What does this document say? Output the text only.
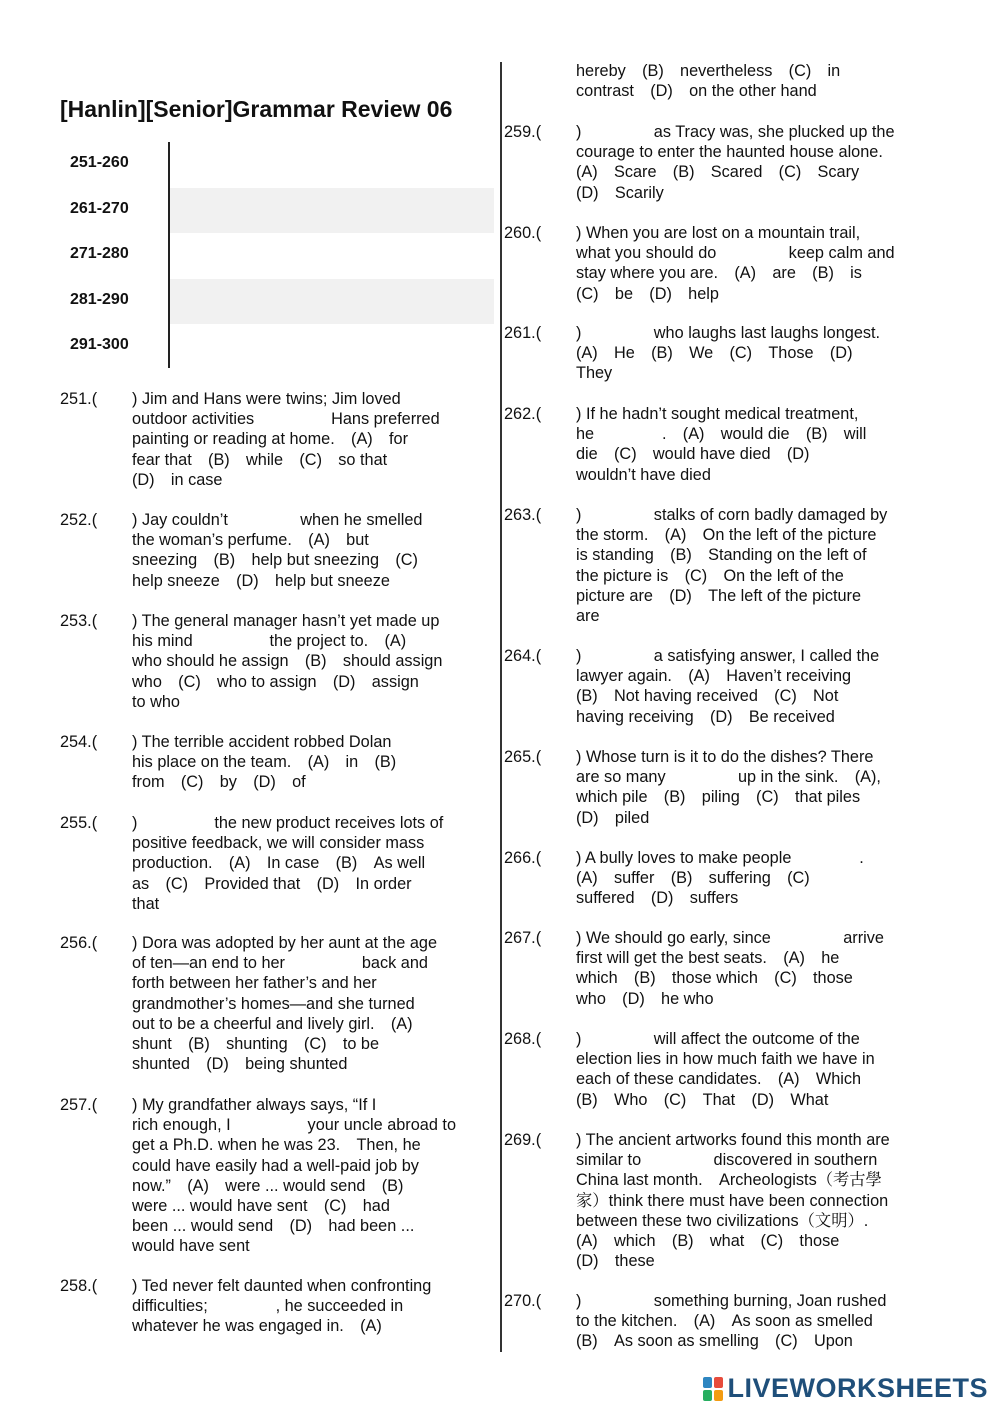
[Hanlin][Senior]Grammar Review 06
251-260
261-270
271-280
281-290
291-300
hereby　(B)　nevertheless　(C)　in
contrast　(D)　on the other hand
251.(	) Jim and Hans were twins; Jim loved
outdoor activities                 Hans preferred
painting or reading at home.　(A)　for
fear that　(B)　while　(C)　so that
(D)　in case
252.(	) Jay couldn’t                when he smelled
the woman’s perfume.　(A)　but
sneezing　(B)　help but sneezing　(C)
help sneeze　(D)　help but sneeze
253.(	) The general manager hasn’t yet made up
his mind                 the project to.　(A)
who should he assign　(B)　should assign
who　(C)　who to assign　(D)　assign
to who
254.(	) The terrible accident robbed Dolan
his place on the team.　(A)　in　(B)
from　(C)　by　(D)　of
255.(	)                 the new product receives lots of
positive feedback, we will consider mass
production.　(A)　In case　(B)　As well
as　(C)　Provided that　(D)　In order
that
256.(	) Dora was adopted by her aunt at the age
of ten—an end to her                 back and
forth between her father’s and her
grandmother’s homes—and she turned
out to be a cheerful and lively girl.　(A)
shunt　(B)　shunting　(C)　to be
shunted　(D)　being shunted
257.(	) My grandfather always says, “If I
rich enough, I                 your uncle abroad to
get a Ph.D. when he was 23.　Then, he
could have easily had a well-paid job by
now.”　(A)　were ... would send　(B)
were ... would have sent　(C)　had
been ... would send　(D)　had been ...
would have sent
258.(	) Ted never felt daunted when confronting
difficulties;               , he succeeded in
whatever he was engaged in.　(A)
259.(	)                as Tracy was, she plucked up the
courage to enter the haunted house alone.
(A)　Scare　(B)　Scared　(C)　Scary
(D)　Scarily
260.(	) When you are lost on a mountain trail,
what you should do                keep calm and
stay where you are.　(A)　are　(B)　is
(C)　be　(D)　help
261.(	)                who laughs last laughs longest.
(A)　He　(B)　We　(C)　Those　(D)
They
262.(	) If he hadn’t sought medical treatment,
he               .　(A)　would die　(B)　will
die　(C)　would have died　(D)
wouldn’t have died
263.(	)                stalks of corn badly damaged by
the storm.　(A)　On the left of the picture
is standing　(B)　Standing on the left of
the picture is　(C)　On the left of the
picture are　(D)　The left of the picture
are
264.(	)                a satisfying answer, I called the
lawyer again.　(A)　Haven’t receiving
(B)　Not having received　(C)　Not
having receiving　(D)　Be received
265.(	) Whose turn is it to do the dishes? There
are so many                up in the sink.　(A),
which pile　(B)　piling　(C)　that piles
(D)　piled
266.(	) A bully loves to make people               .
(A)　suffer　(B)　suffering　(C)
suffered　(D)　suffers
267.(	) We should go early, since                arrive
first will get the best seats.　(A)　he
which　(B)　those which　(C)　those
who　(D)　he who
268.(	)                will affect the outcome of the
election lies in how much faith we have in
each of these candidates.　(A)　Which
(B)　Who　(C)　That　(D)　What
269.(	) The ancient artworks found this month are
similar to                discovered in southern
China last month.　Archeologists（考古學
家）think there must have been connection
between these two civilizations（文明）.
(A)　which　(B)　what　(C)　those
(D)　these
270.(	)                something burning, Joan rushed
to the kitchen.　(A)　As soon as smelled
(B)　As soon as smelling　(C)　Upon
LIVEWORKSHEETS
